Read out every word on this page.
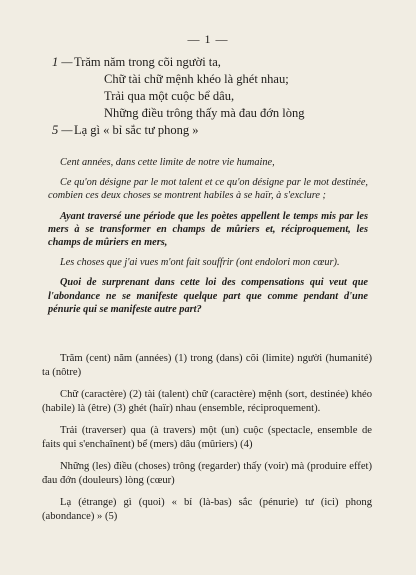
— 1 —
1 — Trăm năm trong cõi người ta,
Chữ tài chữ mệnh khéo là ghét nhau;
Trải qua một cuộc bể dâu,
Những điều trông thấy mà đau đớn lòng
5 — Lạ gì « bỉ sắc tư phong »

Cent années, dans cette limite de notre vie humaine,

Ce qu'on désigne par le mot talent et ce qu'on désigne par le mot destinée, combien ces deux choses se montrent habiles à se haïr, à s'exclure ;

Ayant traversé une période que les poètes appellent le temps mis par les mers à se transformer en champs de mûriers et, réciproquement, les champs de mûriers en mers,

Les choses que j'ai vues m'ont fait souffrir (ont endolori mon cœur).

Quoi de surprenant dans cette loi des compensations qui veut que l'abondance ne se manifeste quelque part que comme pendant d'une pénurie qui se manifeste autre part?

Trăm (cent) năm (années) (1) trong (dans) cõi (limite) người (humanité) ta (nôtre)

Chữ (caractère) (2) tài (talent) chữ (caractère) mệnh (sort, destinée) khéo (habile) là (être) (3) ghét (haïr) nhau (ensemble, réciproquement).

Trải (traverser) qua (à travers) một (un) cuộc (spectacle, ensemble de faits qui s'enchaînent) bể (mers) dâu (mûriers) (4)

Những (les) điều (choses) trông (regarder) thấy (voir) mà (produire effet) đau đớn (douleurs) lòng (cœur)

Lạ (étrange) gì (quoi) « bỉ (là-bas) sắc (pénurie) tư (ici) phong (abondance) » (5)
